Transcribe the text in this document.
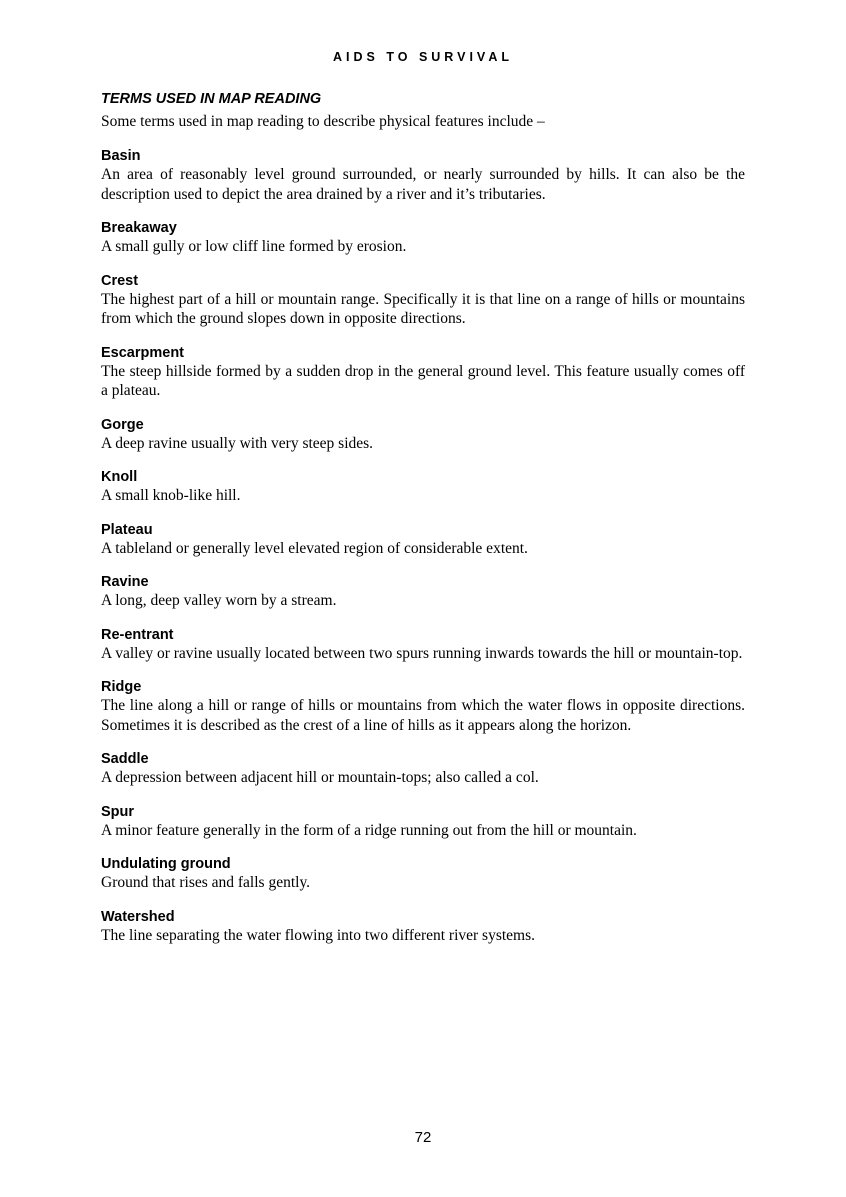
AIDS TO SURVIVAL
TERMS USED IN MAP READING

Some terms used in map reading to describe physical features include –

Basin

An area of reasonably level ground surrounded, or nearly surrounded by hills. It can also be the description used to depict the area drained by a river and it’s tributaries.

Breakaway

A small gully or low cliff line formed by erosion.

Crest

The highest part of a hill or mountain range. Specifically it is that line on a range of hills or mountains from which the ground slopes down in opposite directions.

Escarpment

The steep hillside formed by a sudden drop in the general ground level. This feature usually comes off a plateau.

Gorge

A deep ravine usually with very steep sides.

Knoll

A small knob-like hill.

Plateau

A tableland or generally level elevated region of considerable extent.

Ravine

A long, deep valley worn by a stream.

Re-entrant

A valley or ravine usually located between two spurs running inwards towards the hill or mountain-top.

Ridge

The line along a hill or range of hills or mountains from which the water flows in opposite directions. Sometimes it is described as the crest of a line of hills as it appears along the horizon.

Saddle

A depression between adjacent hill or mountain-tops; also called a col.

Spur

A minor feature generally in the form of a ridge running out from the hill or mountain.

Undulating ground

Ground that rises and falls gently.

Watershed

The line separating the water flowing into two different river systems.

72
